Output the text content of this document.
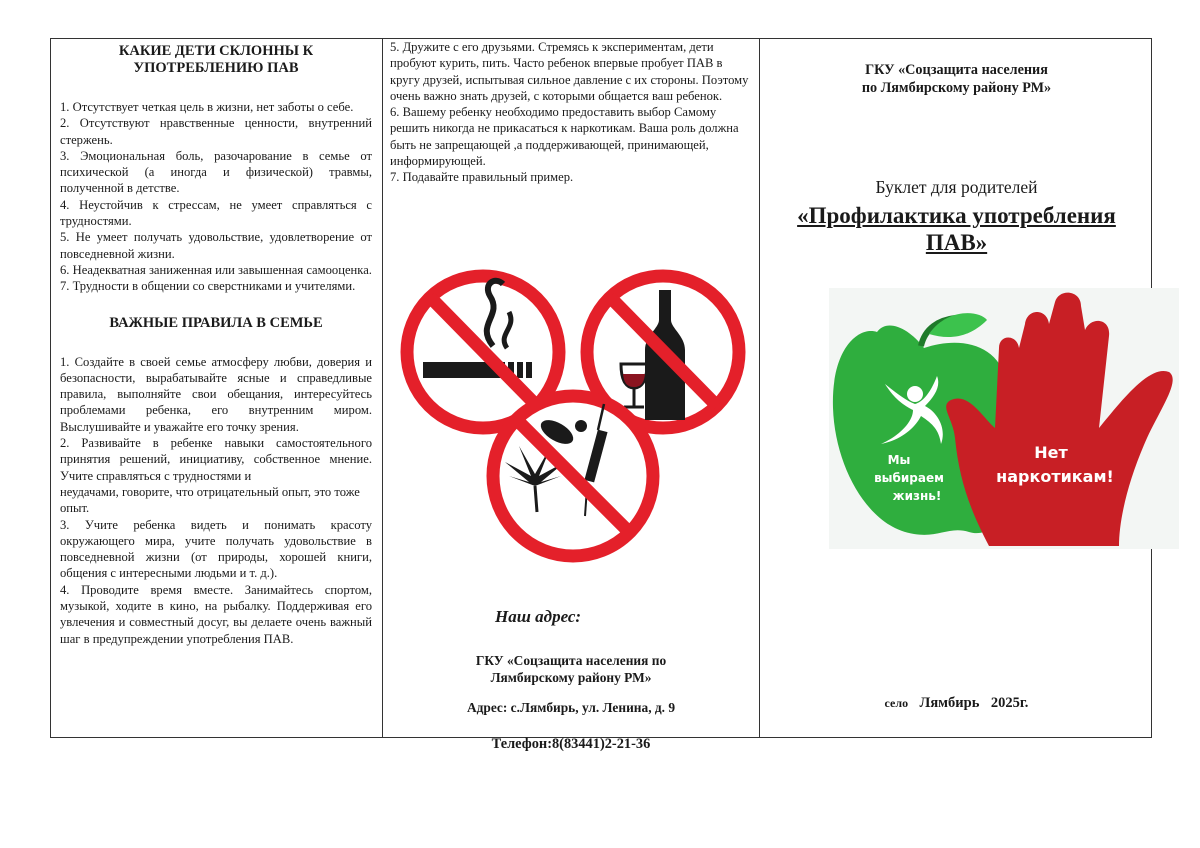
КАКИЕ ДЕТИ СКЛОННЫ К УПОТРЕБЛЕНИЮ ПАВ

1. Отсутствует четкая цель в жизни, нет заботы о себе.

2. Отсутствуют нравственные ценности, внутренний стержень.

3. Эмоциональная боль, разочарование в семье от психической (а иногда и физической) травмы, полученной в детстве.

4. Неустойчив к стрессам, не умеет справляться с трудностями.

5. Не умеет получать удовольствие, удовлетворение от повседневной жизни.

6. Неадекватная заниженная или завышенная самооценка.

7. Трудности в общении со сверстниками и учителями.

ВАЖНЫЕ ПРАВИЛА В СЕМЬЕ

1. Создайте в своей семье атмосферу любви, доверия и безопасности, вырабатывайте ясные и справедливые правила, выполняйте свои обещания, интересуйтесь проблемами ребенка, его внутренним миром. Выслушивайте и уважайте его точку зрения.

2. Развивайте в ребенке навыки самостоятельного принятия решений, инициативу, собственное мнение. Учите справляться с трудностями и

неудачами, говорите, что отрицательный опыт, это тоже опыт.

3. Учите ребенка видеть и понимать красоту окружающего мира, учите получать удовольствие в повседневной жизни (от природы, хорошей книги, общения с интересными людьми и т. д.).

4. Проводите время вместе. Занимайтесь спортом, музыкой, ходите в кино, на рыбалку. Поддерживая его увлечения и совместный досуг, вы делаете очень важный шаг в предупреждении употребления ПАВ.

5. Дружите с его друзьями. Стремясь к экспериментам, дети пробуют курить, пить. Часто ребенок впервые пробует ПАВ в кругу друзей, испытывая сильное давление с их стороны. Поэтому очень важно знать друзей, с которыми общается ваш ребенок.

6. Вашему ребенку необходимо предоставить выбор Самому решить никогда не прикасаться к наркотикам. Ваша роль должна быть не запрещающей ,а поддерживающей, принимающей, информирующей.

7. Подавайте правильный пример.

Наш адрес:
ГКУ «Соцзащита населения по
Лямбирскому району РМ»
Адрес: с.Лямбирь, ул. Ленина, д. 9
Телефон:8(83441)2-21-36
ГКУ «Соцзащита населения
по Лямбирскому району РМ»
Буклет для родителей
«Профилактика употребления
ПАВ»
Мы
выбираем
жизнь!
Нет
наркотикам!
село Лямбирь 2025г.
